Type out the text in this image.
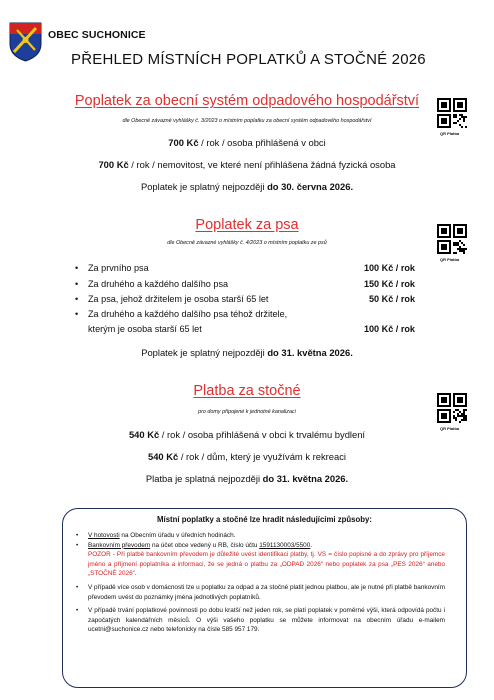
OBEC SUCHONICE
PŘEHLED MÍSTNÍCH POPLATKŮ A STOČNÉ 2026
Poplatek za obecní systém odpadového hospodářství
dle Obecně závazné vyhlášky č. 3/2023 o místním poplatku za obecní systém odpadového hospodářství
700 Kč / rok / osoba přihlášená v obci
700 Kč / rok / nemovitost, ve které není přihlášena žádná fyzická osoba
Poplatek je splatný nejpozději do 30. června 2026.
QR Platba
Poplatek za psa
dle Obecně závazné vyhlášky č. 4/2023 o místním poplatku ze psů
QR Platba
• Za prvního psa	100 Kč / rok
• Za druhého a každého dalšího psa	150 Kč / rok
• Za psa, jehož držitelem je osoba starší 65 let	50 Kč / rok
• Za druhého a každého dalšího psa téhož držitele, kterým je osoba starší 65 let	100 Kč / rok
Poplatek je splatný nejpozději do 31. května 2026.
Platba za stočné
pro domy připojené k jednotné kanalizaci
QR Platba
540 Kč / rok / osoba přihlášená v obci k trvalému bydlení
540 Kč / rok / dům, který je využívám k rekreaci
Platba je splatná nejpozději do 31. května 2026.
Místní poplatky a stočné lze hradit následujícími způsoby:
• V hotovosti na Obecním úřadu v úředních hodinách.
• Bankovním převodem na účet obce vedený u RB, číslo účtu 1591130003/5500.
POZOR - Při platbě bankovním převodem je důležité uvést identifikaci platby, tj. VS = číslo popisné a do zprávy pro příjemce jméno a příjmení poplatníka a informaci, že se jedná o platbu za „ODPAD 2026“ nebo poplatek za psa „PES 2026“ anebo „STOČNÉ 2026“.
• V případě více osob v domácnosti lze u poplatku za odpad a za stočné platit jednou platbou, ale je nutné při platbě bankovním převodem uvést do poznámky jména jednotlivých poplatníků.
• V případě trvání poplatkové povinnosti po dobu kratší než jeden rok, se platí poplatek v poměrné výši, která odpovídá počtu i započatých kalendářních měsíců. O výši vašeho poplatku se můžete informovat na obecním úřadu e-mailem ucetni@suchonice.cz nebo telefonicky na čísle 585 957 179.
